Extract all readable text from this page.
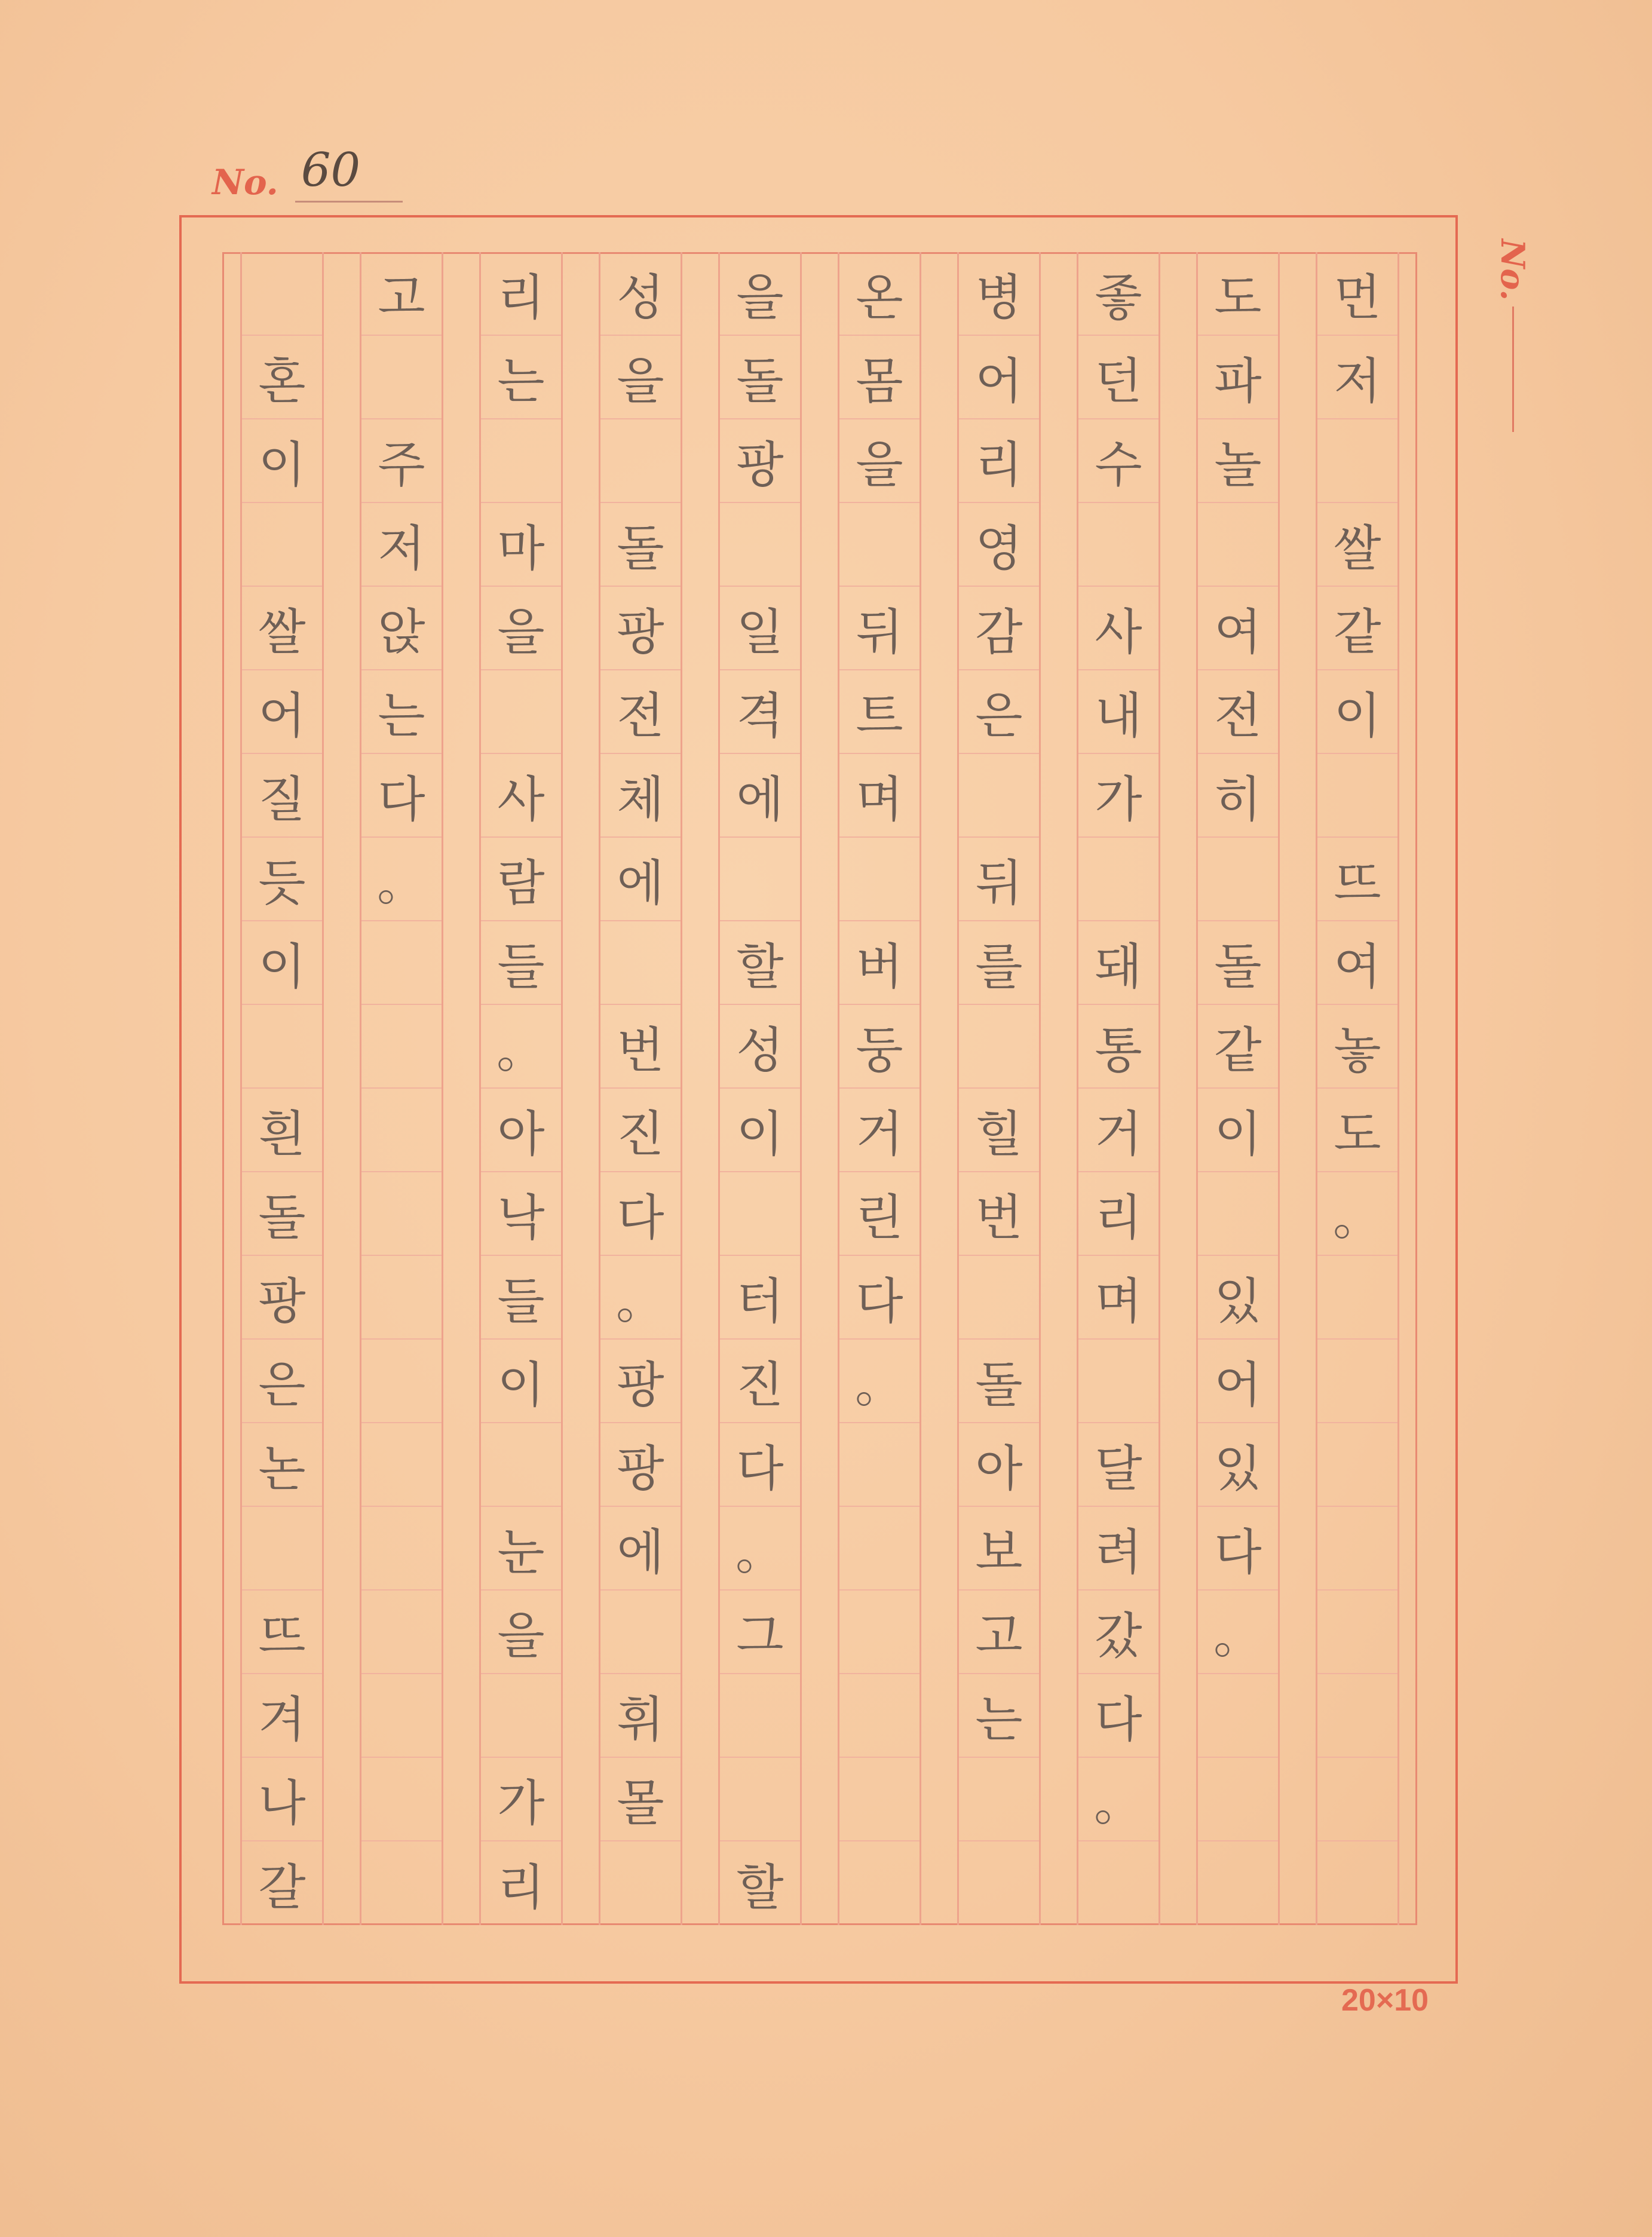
No. 60
No.
먼
저
쌀
같
이
뜨
여
놓
도
。
도
파
놀
여
전
히
돌
같
이
있
어
있
다
。
좋
던
수
사
내
가
돼
통
거
리
며
달
려
갔
다
。
병
어
리
영
감
은
뒤
를
힐
번
돌
아
보
고
는
온
몸
을
뒤
트
며
버
둥
거
린
다
。
을
돌
팡
일
격
에
할
성
이
터
진
다
。
그
할
성
을
돌
팡
전
체
에
번
진
다
。
팡
팡
에
휘
몰
리
는
마
을
사
람
들
。
아
낙
들
이
눈
을
가
리
고
주
저
앉
는
다
。
혼
이
쌀
어
질
듯
이
흰
돌
팡
은
논
뜨
겨
나
갈
20×10
